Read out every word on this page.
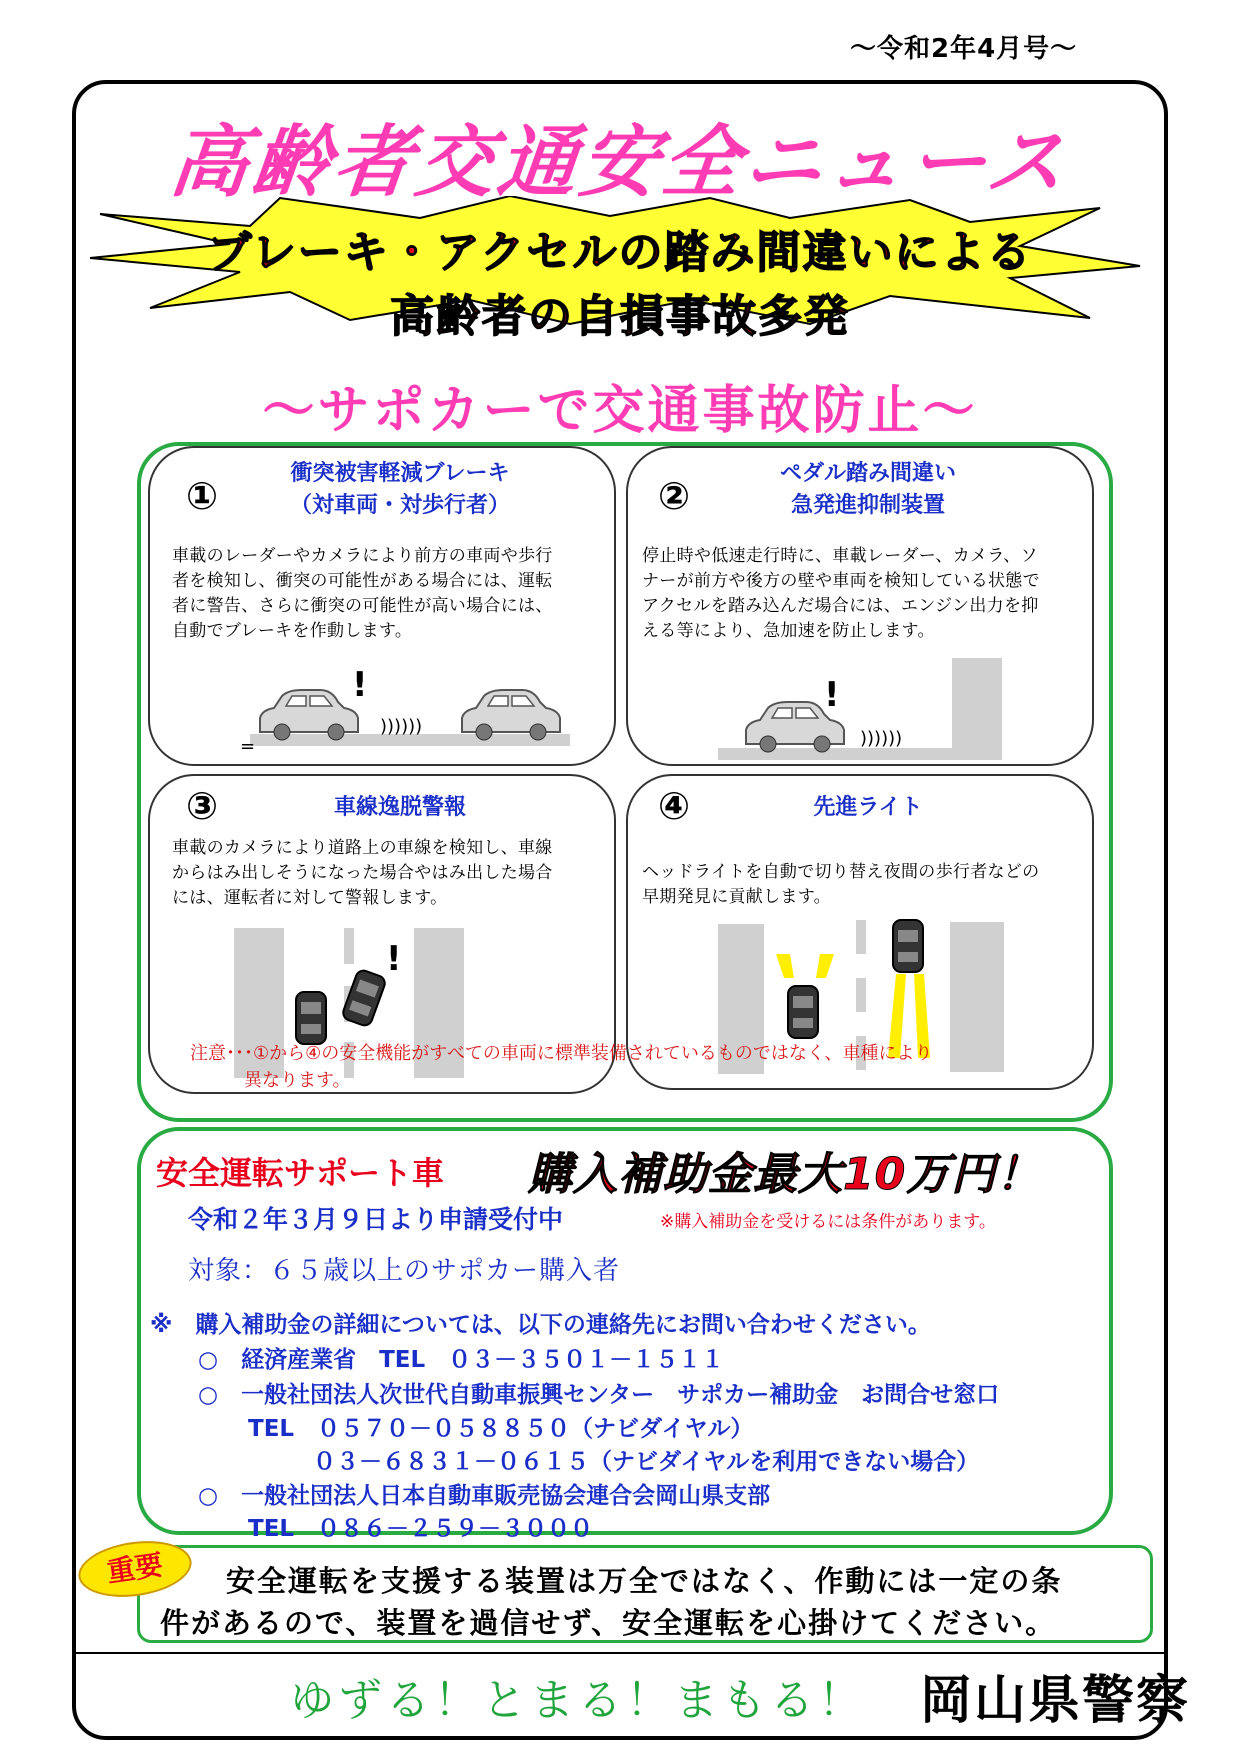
～令和2年4月号～
高齢者交通安全ニュース
ブレーキ・アクセルの踏み間違いによる
高齢者の自損事故多発
～サポカーで交通事故防止～
①
衝突被害軽減ブレーキ
（対車両・対歩行者）
車載のレーダーやカメラにより前方の車両や歩行
者を検知し、衝突の可能性がある場合には、運転
者に警告、さらに衝突の可能性が高い場合には、
自動でブレーキを作動します。
))))))
=
!
②
ペダル踏み間違い
急発進抑制装置
停止時や低速走行時に、車載レーダー、カメラ、ソ
ナーが前方や後方の壁や車両を検知している状態で
アクセルを踏み込んだ場合には、エンジン出力を抑
える等により、急加速を防止します。
))))))
!
③	車線逸脱警報
車載のカメラにより道路上の車線を検知し、車線
からはみ出しそうになった場合やはみ出した場合
には、運転者に対して警報します。
!
④	先進ライト
ヘッドライトを自動で切り替え夜間の歩行者などの
早期発見に貢献します。
注意･･･①から④の安全機能がすべての車両に標準装備されているものではなく、車種により
異なります。
安全運転サポート車 購入補助金最大10万円！
令和２年３月９日より申請受付中	※購入補助金を受けるには条件があります。
対象：６５歳以上のサポカー購入者
※　購入補助金の詳細については、以下の連絡先にお問い合わせください。
○　経済産業省　TEL　０３－３５０１－１５１１
○　一般社団法人次世代自動車振興センター　サポカー補助金　お問合せ窓口
TEL　０５７０－０５８８５０（ナビダイヤル）
０３－６８３１－０６１５（ナビダイヤルを利用できない場合）
○　一般社団法人日本自動車販売協会連合会岡山県支部
TEL　０８６－２５９－３０００
重要	安全運転を支援する装置は万全ではなく、作動には一定の条
件があるので、装置を過信せず、安全運転を心掛けてください。
ゆずる！とまる！まもる！ 岡山県警察
